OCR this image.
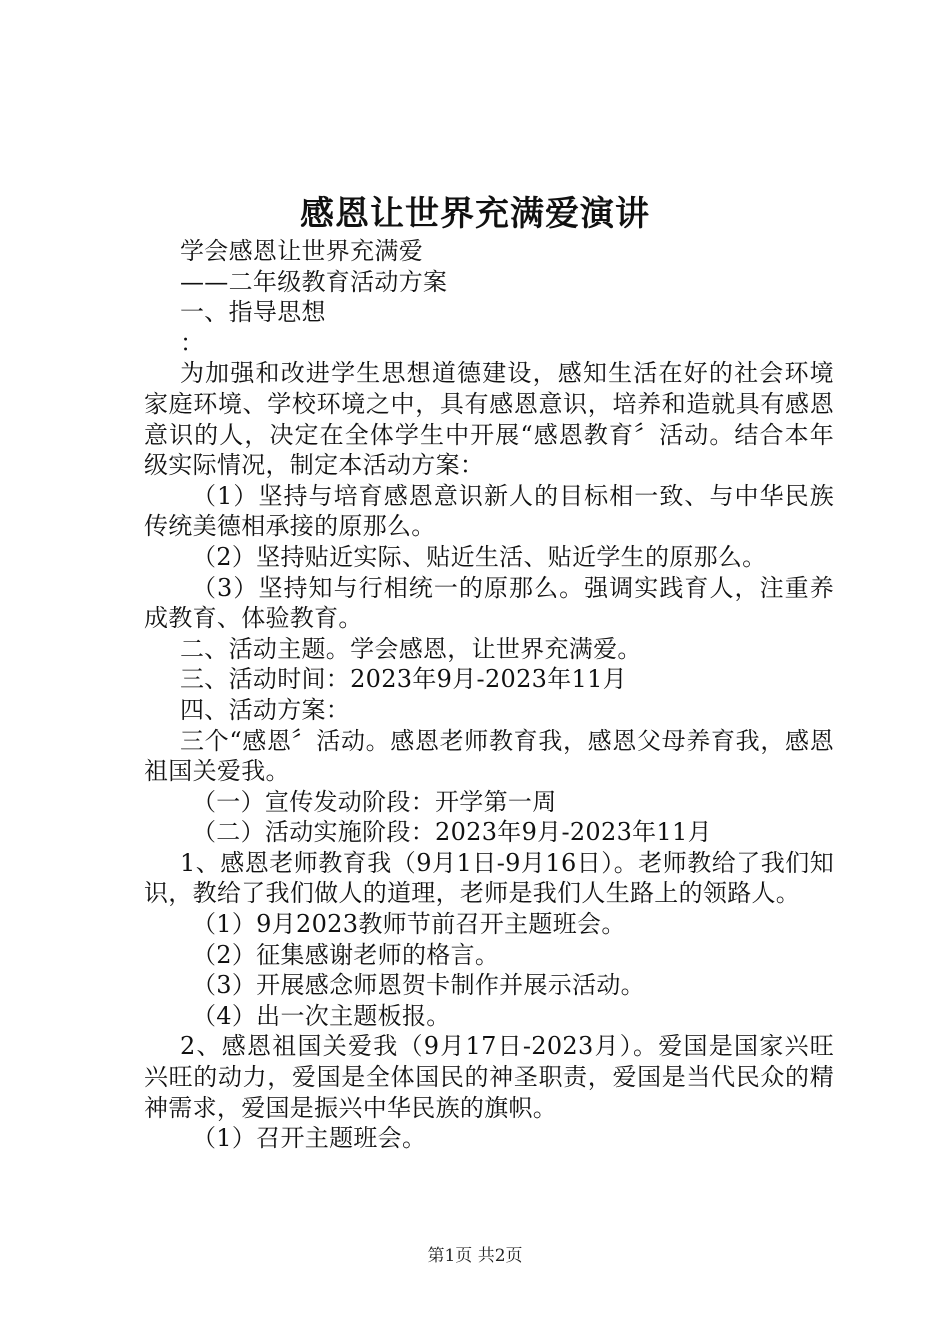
感恩让世界充满爱演讲

学会感恩让世界充满爱

——二年级教育活动方案

一、指导思想

：

为加强和改进学生思想道德建设，感知生活在好的社会环境家庭环境、学校环境之中，具有感恩意识，培养和造就具有感恩意识的人，决定在全体学生中开展“感恩教育〞活动。结合本年级实际情况，制定本活动方案：

（1）坚持与培育感恩意识新人的目标相一致、与中华民族传统美德相承接的原那么。

（2）坚持贴近实际、贴近生活、贴近学生的原那么。

（3）坚持知与行相统一的原那么。强调实践育人，注重养成教育、体验教育。

二、活动主题。学会感恩，让世界充满爱。

三、活动时间：2023年9月-2023年11月

四、活动方案：

三个“感恩〞活动。感恩老师教育我，感恩父母养育我，感恩祖国关爱我。

（一）宣传发动阶段：开学第一周

（二）活动实施阶段：2023年9月-2023年11月

1、感恩老师教育我（9月1日-9月16日）。老师教给了我们知识，教给了我们做人的道理，老师是我们人生路上的领路人。

（1）9月2023教师节前召开主题班会。

（2）征集感谢老师的格言。

（3）开展感念师恩贺卡制作并展示活动。

（4）出一次主题板报。

2、感恩祖国关爱我（9月17日-2023月）。爱国是国家兴旺兴旺的动力，爱国是全体国民的神圣职责，爱国是当代民众的精神需求，爱国是振兴中华民族的旗帜。

（1）召开主题班会。

第1页 共2页
